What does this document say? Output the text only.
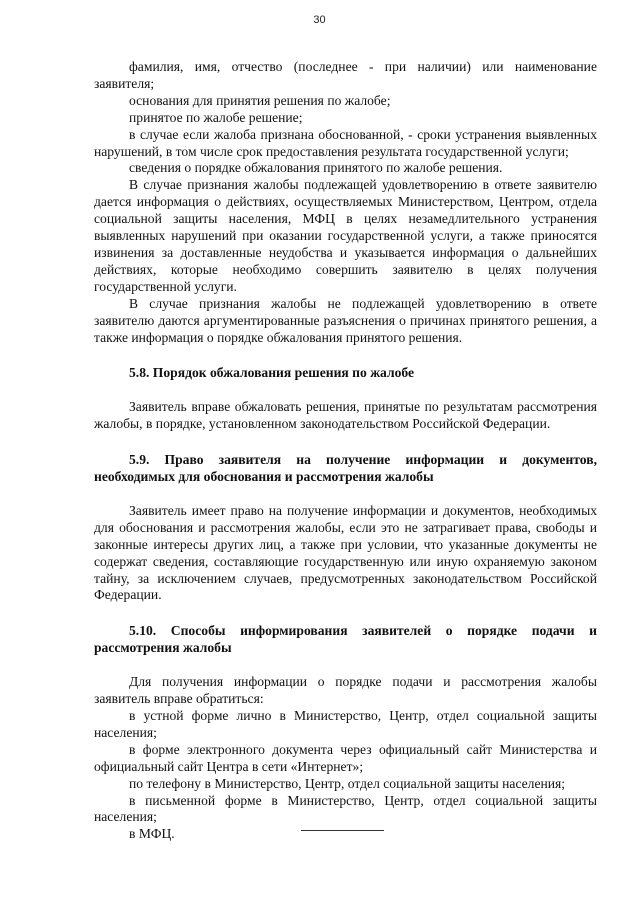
30

фамилия, имя, отчество (последнее - при наличии) или наименование заявителя;

основания для принятия решения по жалобе;

принятое по жалобе решение;

в случае если жалоба признана обоснованной, - сроки устранения выявленных нарушений, в том числе срок предоставления результата государственной услуги;

сведения о порядке обжалования принятого по жалобе решения.

В случае признания жалобы подлежащей удовлетворению в ответе заявителю дается информация о действиях, осуществляемых Министерством, Центром, отдела социальной защиты населения, МФЦ в целях незамедлительного устранения выявленных нарушений при оказании государственной услуги, а также приносятся извинения за доставленные неудобства и указывается информация о дальнейших действиях, которые необходимо совершить заявителю в целях получения государственной услуги.

В случае признания жалобы не подлежащей удовлетворению в ответе заявителю даются аргументированные разъяснения о причинах принятого решения, а также информация о порядке обжалования принятого решения.

5.8. Порядок обжалования решения по жалобе

Заявитель вправе обжаловать решения, принятые по результатам рассмотрения жалобы, в порядке, установленном законодательством Российской Федерации.

5.9. Право заявителя на получение информации и документов, необходимых для обоснования и рассмотрения жалобы

Заявитель имеет право на получение информации и документов, необходимых для обоснования и рассмотрения жалобы, если это не затрагивает права, свободы и законные интересы других лиц, а также при условии, что указанные документы не содержат сведения, составляющие государственную или иную охраняемую законом тайну, за исключением случаев, предусмотренных законодательством Российской Федерации.

5.10. Способы информирования заявителей о порядке подачи и рассмотрения жалобы

Для получения информации о порядке подачи и рассмотрения жалобы заявитель вправе обратиться:

в устной форме лично в Министерство, Центр, отдел социальной защиты населения;

в форме электронного документа через официальный сайт Министерства и официальный сайт Центра в сети «Интернет»;

по телефону в Министерство, Центр, отдел социальной защиты населения;

в письменной форме в Министерство, Центр, отдел социальной защиты населения;

в МФЦ.
